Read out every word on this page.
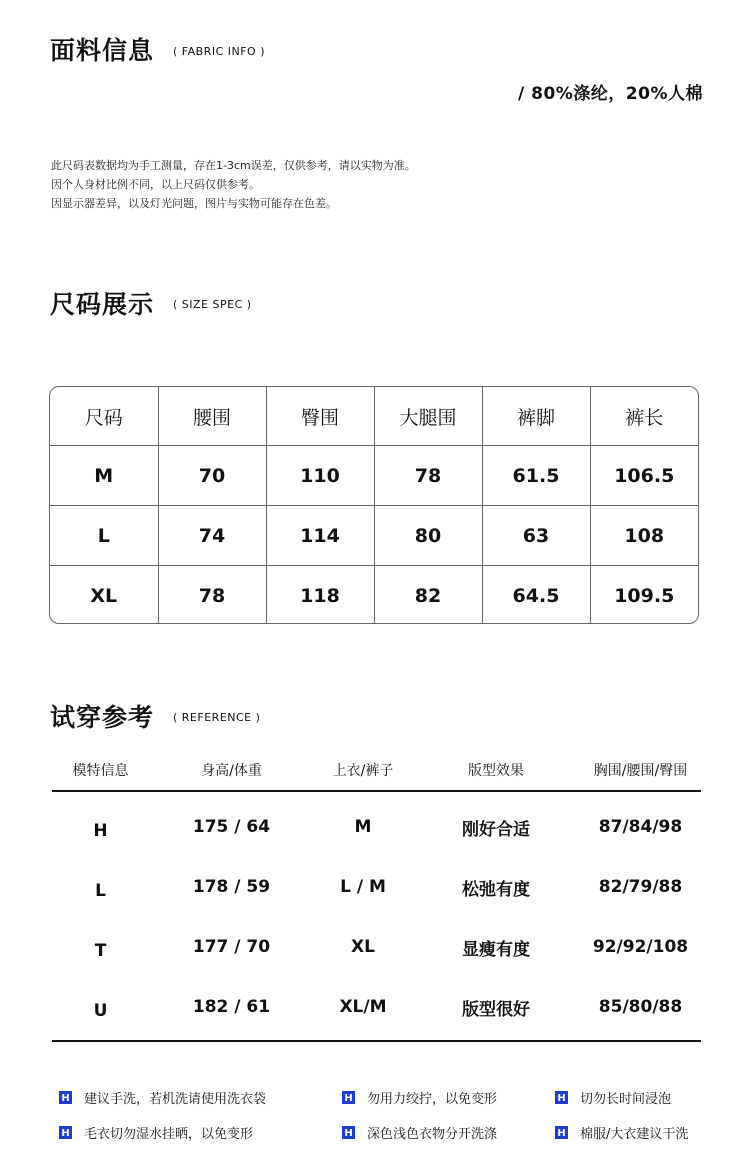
面料信息 ( FABRIC INFO )
/ 80%涤纶，20%人棉
此尺码表数据均为手工测量，存在1-3cm误差，仅供参考，请以实物为准。
因个人身材比例不同，以上尺码仅供参考。
因显示器差异，以及灯光问题，图片与实物可能存在色差。
尺码展示 ( SIZE SPEC )
尺码	腰围	臀围	大腿围	裤脚	裤长
M	70	110	78	61.5	106.5
L	74	114	80	63	108
XL	78	118	82	64.5	109.5
试穿参考 ( REFERENCE )
模特信息	身高/体重	上衣/裤子	版型效果	胸围/腰围/臀围
H	175 / 64	M	刚好合适	87/84/98
L	178 / 59	L / M	松弛有度	82/79/88
T	177 / 70	XL	显瘦有度	92/92/108
U	182 / 61	XL/M	版型很好	85/80/88
H 建议手洗，若机洗请使用洗衣袋	H 勿用力绞拧，以免变形	H 切勿长时间浸泡
H 毛衣切勿湿水挂晒，以免变形	H 深色浅色衣物分开洗涤	H 棉服/大衣建议干洗
